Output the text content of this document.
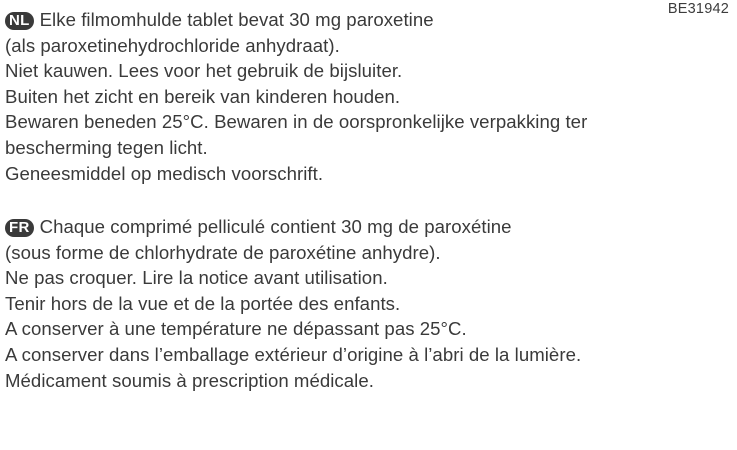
BE31942
NL Elke filmomhulde tablet bevat 30 mg paroxetine
(als paroxetinehydrochloride anhydraat).
Niet kauwen. Lees voor het gebruik de bijsluiter.
Buiten het zicht en bereik van kinderen houden.
Bewaren beneden 25°C. Bewaren in de oorspronkelijke verpakking ter
bescherming tegen licht.
Geneesmiddel op medisch voorschrift.
FR Chaque comprimé pelliculé contient 30 mg de paroxétine
(sous forme de chlorhydrate de paroxétine anhydre).
Ne pas croquer. Lire la notice avant utilisation.
Tenir hors de la vue et de la portée des enfants.
A conserver à une température ne dépassant pas 25°C.
A conserver dans l’emballage extérieur d’origine à l’abri de la lumière.
Médicament soumis à prescription médicale.
